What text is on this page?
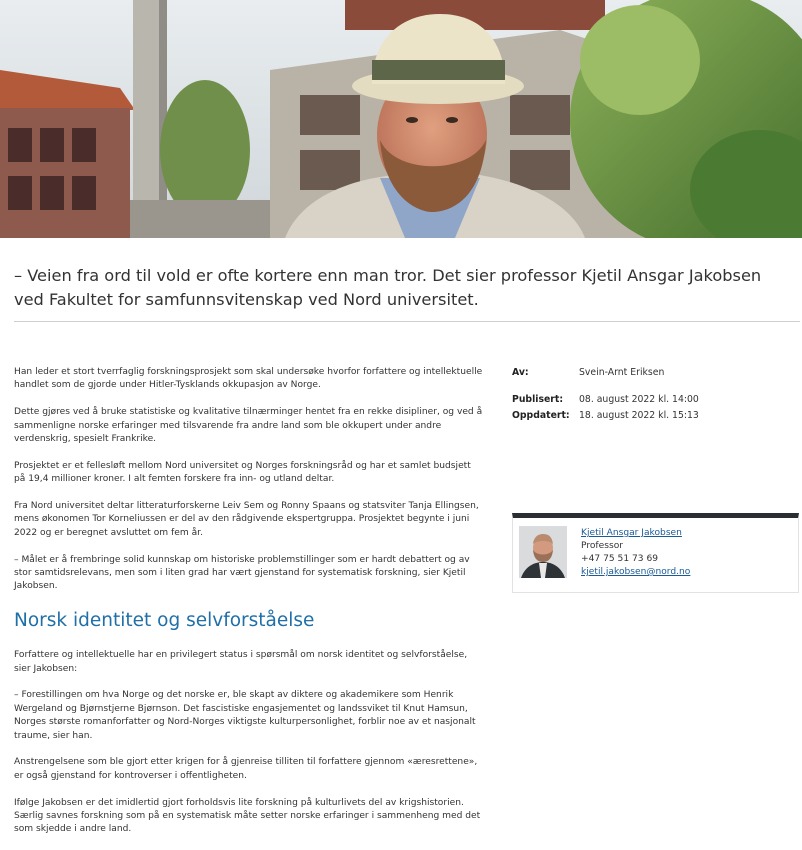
– Veien fra ord til vold er ofte kortere enn man tror. Det sier professor Kjetil Ansgar Jakobsen ved Fakultet for samfunnsvitenskap ved Nord universitet.

Han leder et stort tverrfaglig forskningsprosjekt som skal undersøke hvorfor forfattere og intellektuelle handlet som de gjorde under Hitler-Tysklands okkupasjon av Norge.

Dette gjøres ved å bruke statistiske og kvalitative tilnærminger hentet fra en rekke disipliner, og ved å sammenligne norske erfaringer med tilsvarende fra andre land som ble okkupert under andre verdenskrig, spesielt Frankrike.

Prosjektet er et fellesløft mellom Nord universitet og Norges forskningsråd og har et samlet budsjett på 19,4 millioner kroner. I alt femten forskere fra inn- og utland deltar.

Fra Nord universitet deltar litteraturforskerne Leiv Sem og Ronny Spaans og statsviter Tanja Ellingsen, mens økonomen Tor Korneliussen er del av den rådgivende ekspertgruppa. Prosjektet begynte i juni 2022 og er beregnet avsluttet om fem år.

– Målet er å frembringe solid kunnskap om historiske problemstillinger som er hardt debattert og av stor samtidsrelevans, men som i liten grad har vært gjenstand for systematisk forskning, sier Kjetil Jakobsen.

Norsk identitet og selvforståelse

Forfattere og intellektuelle har en privilegert status i spørsmål om norsk identitet og selvforståelse, sier Jakobsen:

– Forestillingen om hva Norge og det norske er, ble skapt av diktere og akademikere som Henrik Wergeland og Bjørnstjerne Bjørnson. Det fascistiske engasjementet og landssviket til Knut Hamsun, Norges største romanforfatter og Nord-Norges viktigste kulturpersonlighet, forblir noe av et nasjonalt traume, sier han.

Anstrengelsene som ble gjort etter krigen for å gjenreise tilliten til forfattere gjennom «æresrettene», er også gjenstand for kontroverser i offentligheten.

Ifølge Jakobsen er det imidlertid gjort forholdsvis lite forskning på kulturlivets del av krigshistorien. Særlig savnes forskning som på en systematisk måte setter norske erfaringer i sammenheng med det som skjedde i andre land.

Av:	Svein-Arnt Eriksen
Publisert: 08. august 2022 kl. 14:00
Oppdatert: 18. august 2022 kl. 15:13
Kjetil Ansgar Jakobsen
Professor
+47 75 51 73 69
kjetil.jakobsen@nord.no
